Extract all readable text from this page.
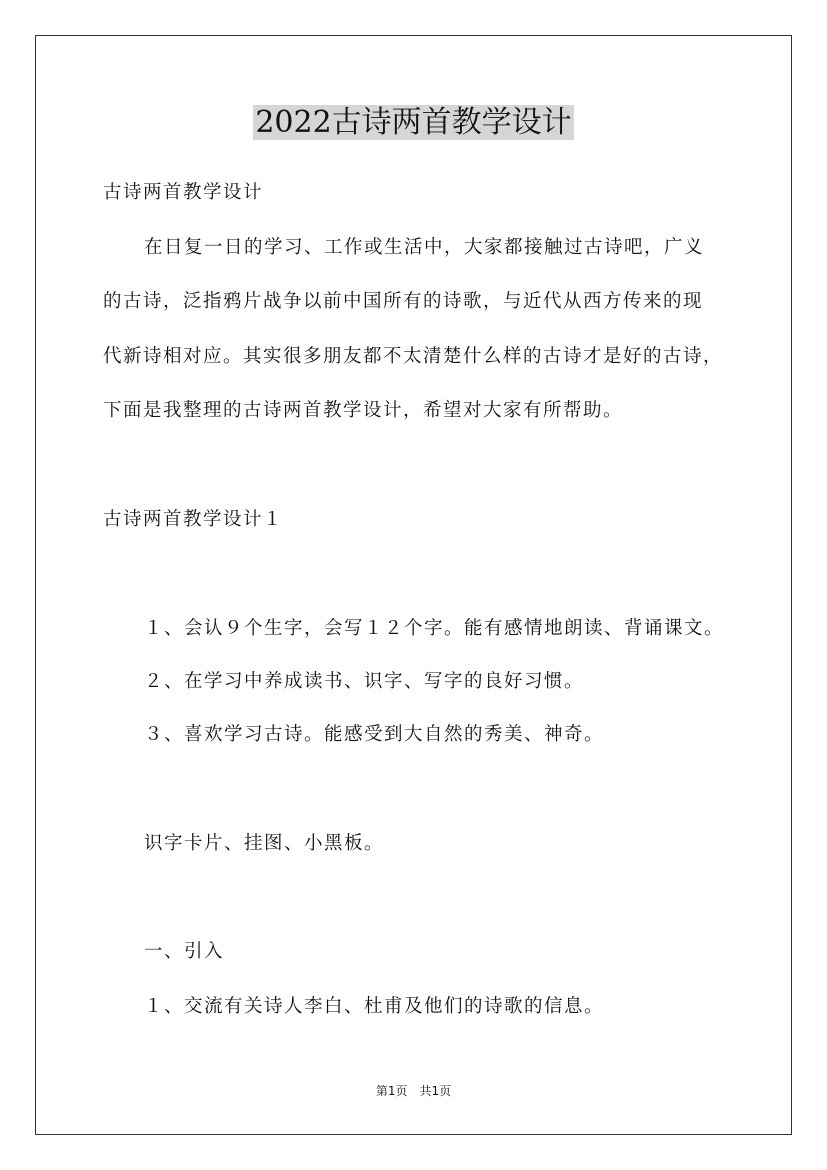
2022古诗两首教学设计
古诗两首教学设计
在日复一日的学习、工作或生活中，大家都接触过古诗吧，广义
的古诗，泛指鸦片战争以前中国所有的诗歌，与近代从西方传来的现
代新诗相对应。其实很多朋友都不太清楚什么样的古诗才是好的古诗，
下面是我整理的古诗两首教学设计，希望对大家有所帮助。
古诗两首教学设计１
１、会认９个生字，会写１２个字。能有感情地朗读、背诵课文。
２、在学习中养成读书、识字、写字的良好习惯。
３、喜欢学习古诗。能感受到大自然的秀美、神奇。
识字卡片、挂图、小黑板。
一、引入
１、交流有关诗人李白、杜甫及他们的诗歌的信息。
第1页　共1页
